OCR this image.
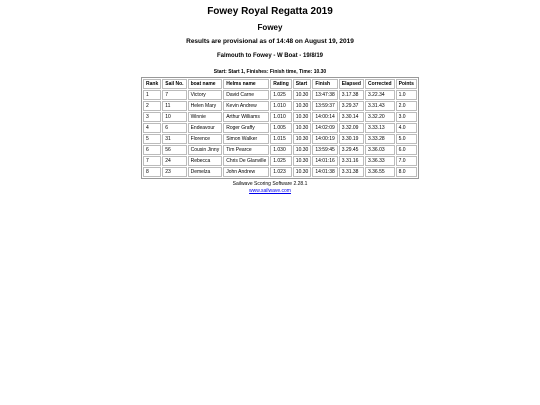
Fowey Royal Regatta 2019
Fowey
Results are provisional as of 14:48 on August 19, 2019
Falmouth to Fowey - W Boat - 19/8/19
Start: Start 1, Finishes: Finish time, Time: 10.30
Rank	Sail No.	boat name	Helms name	Rating	Start	Finish	Elapsed	Corrected	Points
1	7	Victory	David Carne	1.025	10.30	13:47:38	3.17.38	3.22.34	1.0
2	11	Helen Mary	Kevin Andrew	1.010	10.30	13:59:37	3.29.37	3.31.43	2.0
3	10	Winnie	Arthur Williams	1.010	10.30	14:00:14	3.30.14	3.32.20	3.0
4	6	Endeavour	Roger Graffy	1.005	10.30	14:02:09	3.32.09	3.33.13	4.0
5	31	Florence	Simon Walker	1.015	10.30	14:00:19	3.30.19	3.33.28	5.0
6	56	Cousin Jinny	Tim Pearce	1.030	10.30	13:59:45	3.29.45	3.36.03	6.0
7	24	Rebecca	Chris De Glanville	1.025	10.30	14:01:16	3.31.16	3.36.33	7.0
8	23	Demelza	John Andrew	1.023	10.30	14:01:38	3.31.38	3.36.55	8.0
Sailwave Scoring Software 2.28.1
www.sailwave.com
